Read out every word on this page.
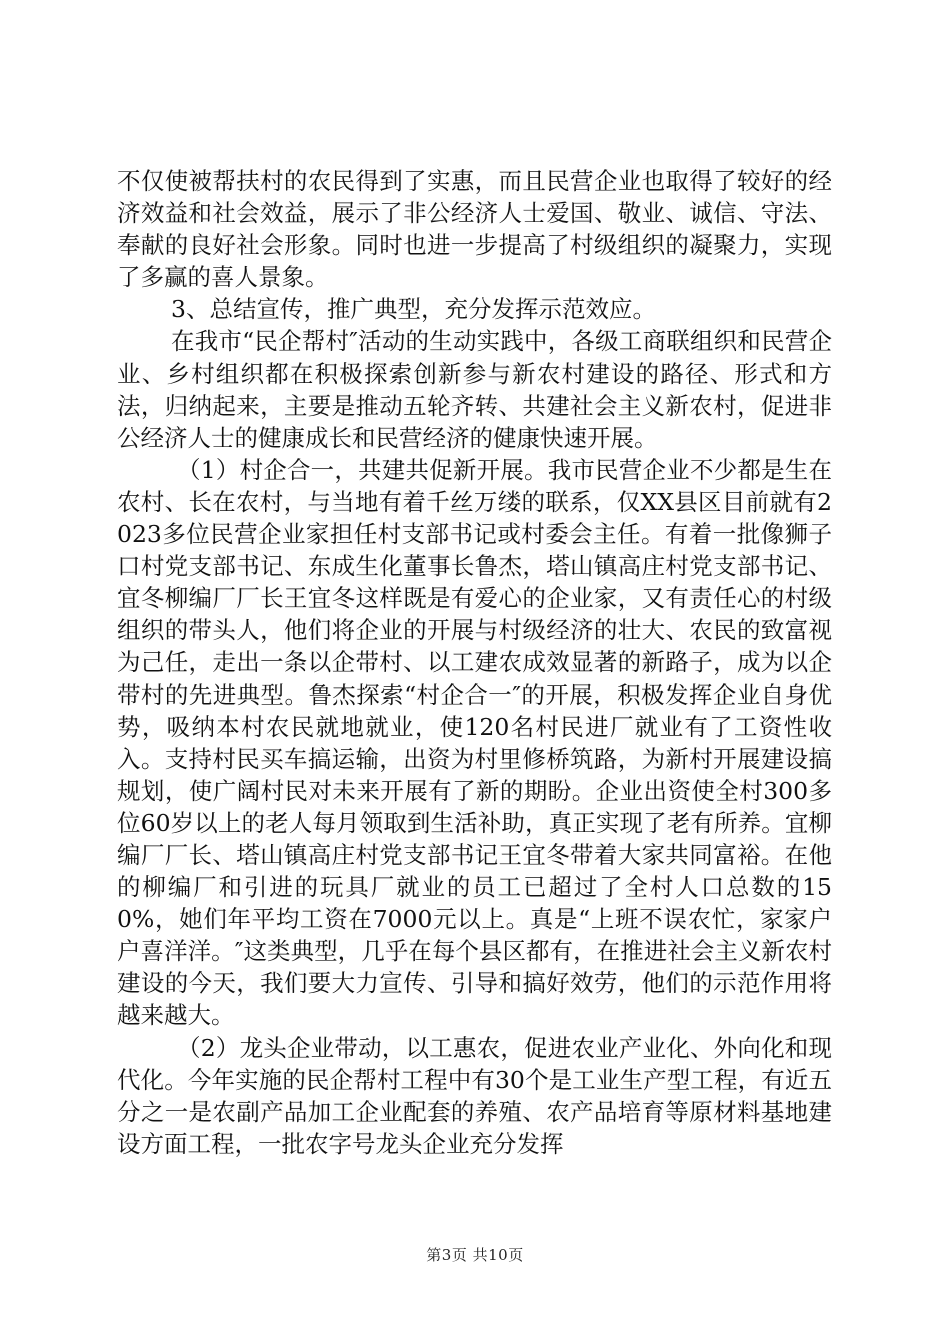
不仅使被帮扶村的农民得到了实惠，而且民营企业也取得了较好的经济效益和社会效益，展示了非公经济人士爱国、敬业、诚信、守法、奉献的良好社会形象。同时也进一步提高了村级组织的凝聚力，实现了多赢的喜人景象。

3、总结宣传，推广典型，充分发挥示范效应。

在我市“民企帮村″活动的生动实践中，各级工商联组织和民营企业、乡村组织都在积极探索创新参与新农村建设的路径、形式和方法，归纳起来，主要是推动五轮齐转、共建社会主义新农村，促进非公经济人士的健康成长和民营经济的健康快速开展。

（1）村企合一，共建共促新开展。我市民营企业不少都是生在农村、长在农村，与当地有着千丝万缕的联系，仅XX县区目前就有2023多位民营企业家担任村支部书记或村委会主任。有着一批像狮子口村党支部书记、东成生化董事长鲁杰，塔山镇高庄村党支部书记、宜冬柳编厂厂长王宜冬这样既是有爱心的企业家，又有责任心的村级组织的带头人，他们将企业的开展与村级经济的壮大、农民的致富视为己任，走出一条以企带村、以工建农成效显著的新路子，成为以企带村的先进典型。鲁杰探索“村企合一″的开展，积极发挥企业自身优势，吸纳本村农民就地就业，使120名村民进厂就业有了工资性收入。支持村民买车搞运输，出资为村里修桥筑路，为新村开展建设搞规划，使广阔村民对未来开展有了新的期盼。企业出资使全村300多位60岁以上的老人每月领取到生活补助，真正实现了老有所养。宜柳编厂厂长、塔山镇高庄村党支部书记王宜冬带着大家共同富裕。在他的柳编厂和引进的玩具厂就业的员工已超过了全村人口总数的150%，她们年平均工资在7000元以上。真是“上班不误农忙，家家户户喜洋洋。″这类典型，几乎在每个县区都有，在推进社会主义新农村建设的今天，我们要大力宣传、引导和搞好效劳，他们的示范作用将越来越大。

（2）龙头企业带动，以工惠农，促进农业产业化、外向化和现代化。今年实施的民企帮村工程中有30个是工业生产型工程，有近五分之一是农副产品加工企业配套的养殖、农产品培育等原材料基地建设方面工程，一批农字号龙头企业充分发挥

第3页 共10页
